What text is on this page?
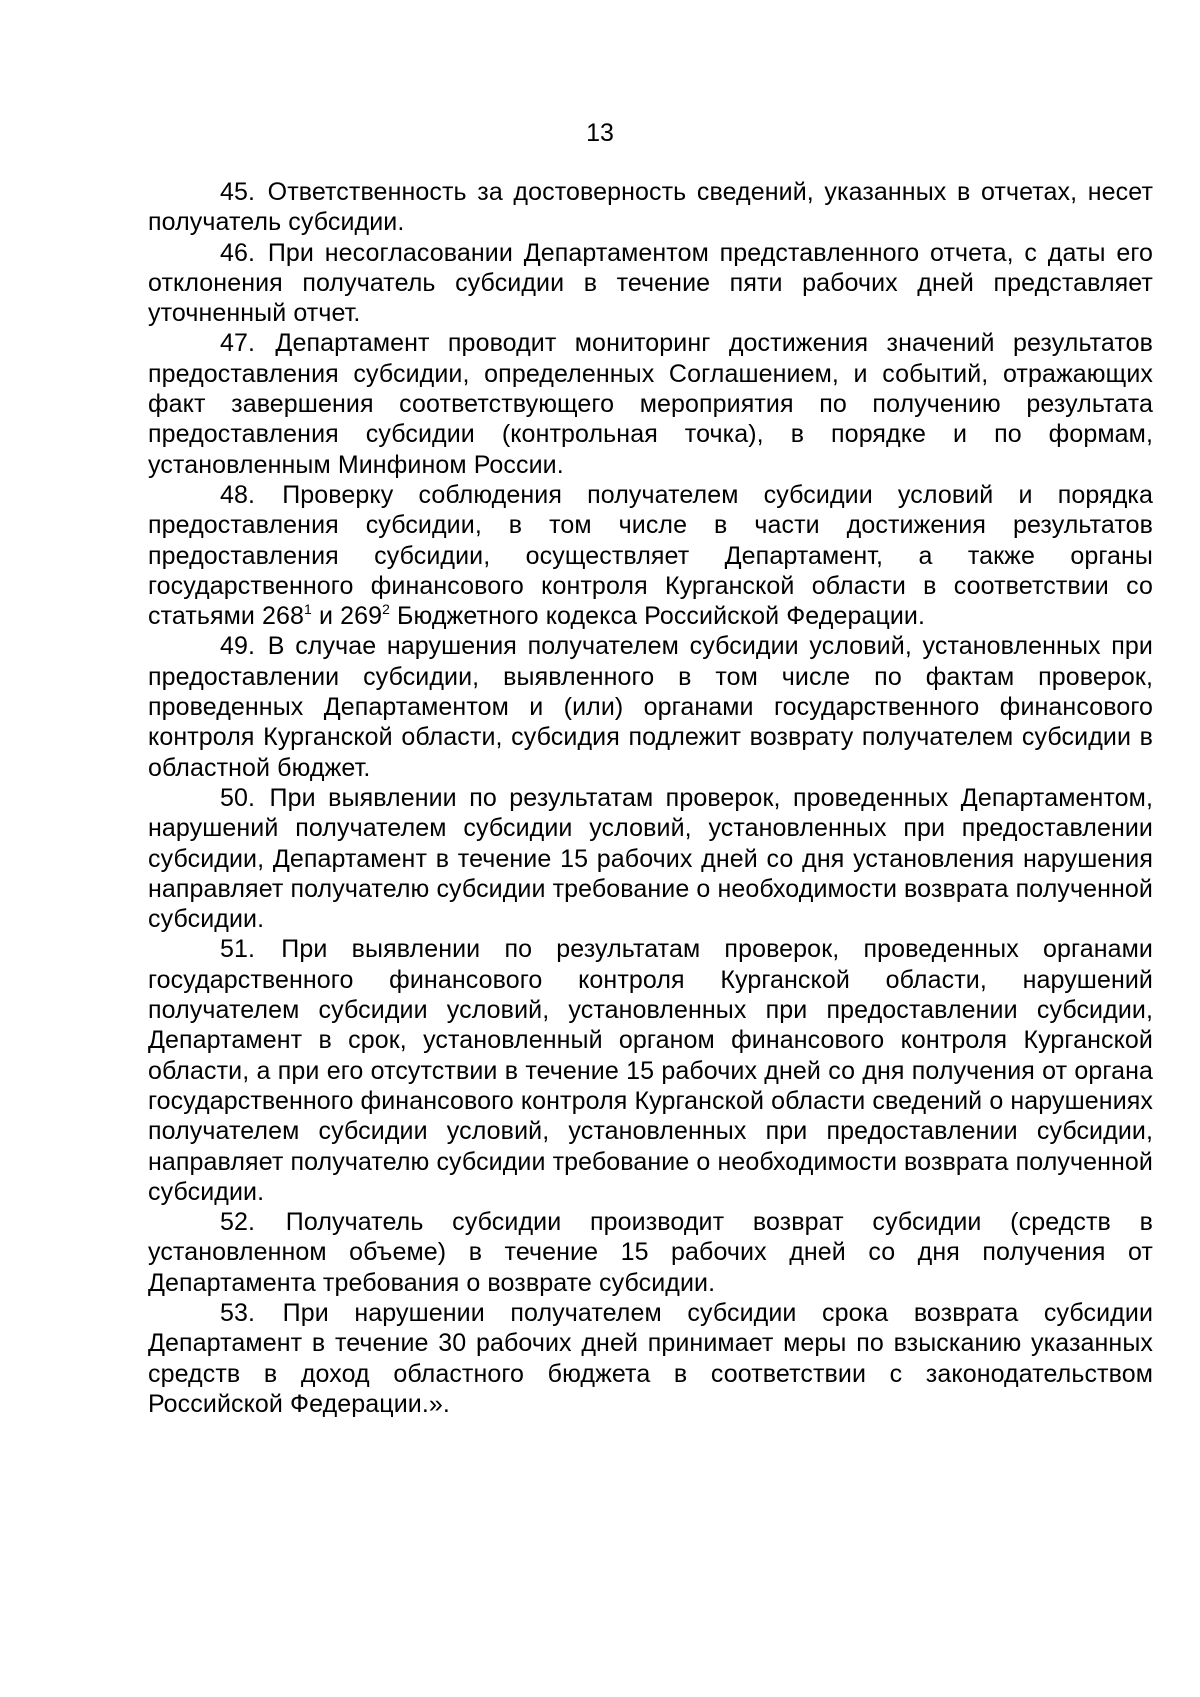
13

45. Ответственность за достоверность сведений, указанных в отчетах, несет получатель субсидии.

46. При несогласовании Департаментом представленного отчета, с даты его отклонения получатель субсидии в течение пяти рабочих дней представляет уточненный отчет.

47. Департамент проводит мониторинг достижения значений результатов предоставления субсидии, определенных Соглашением, и событий, отражающих факт завершения соответствующего мероприятия по получению результата предоставления субсидии (контрольная точка), в порядке и по формам, установленным Минфином России.

48. Проверку соблюдения получателем субсидии условий и порядка предоставления субсидии, в том числе в части достижения результатов предоставления субсидии, осуществляет Департамент, а также органы государственного финансового контроля Курганской области в соответствии со статьями $268^1$ и $269^2$ Бюджетного кодекса Российской Федерации.

49. В случае нарушения получателем субсидии условий, установленных при предоставлении субсидии, выявленного в том числе по фактам проверок, проведенных Департаментом и (или) органами государственного финансового контроля Курганской области, субсидия подлежит возврату получателем субсидии в областной бюджет.

50. При выявлении по результатам проверок, проведенных Департаментом, нарушений получателем субсидии условий, установленных при предоставлении субсидии, Департамент в течение 15 рабочих дней со дня установления нарушения направляет получателю субсидии требование о необходимости возврата полученной субсидии.

51. При выявлении по результатам проверок, проведенных органами государственного финансового контроля Курганской области, нарушений получателем субсидии условий, установленных при предоставлении субсидии, Департамент в срок, установленный органом финансового контроля Курганской области, а при его отсутствии в течение 15 рабочих дней со дня получения от органа государственного финансового контроля Курганской области сведений о нарушениях получателем субсидии условий, установленных при предоставлении субсидии, направляет получателю субсидии требование о необходимости возврата полученной субсидии.

52. Получатель субсидии производит возврат субсидии (средств в установленном объеме) в течение 15 рабочих дней со дня получения от Департамента требования о возврате субсидии.

53. При нарушении получателем субсидии срока возврата субсидии Департамент в течение 30 рабочих дней принимает меры по взысканию указанных средств в доход областного бюджета в соответствии с законодательством Российской Федерации.».
